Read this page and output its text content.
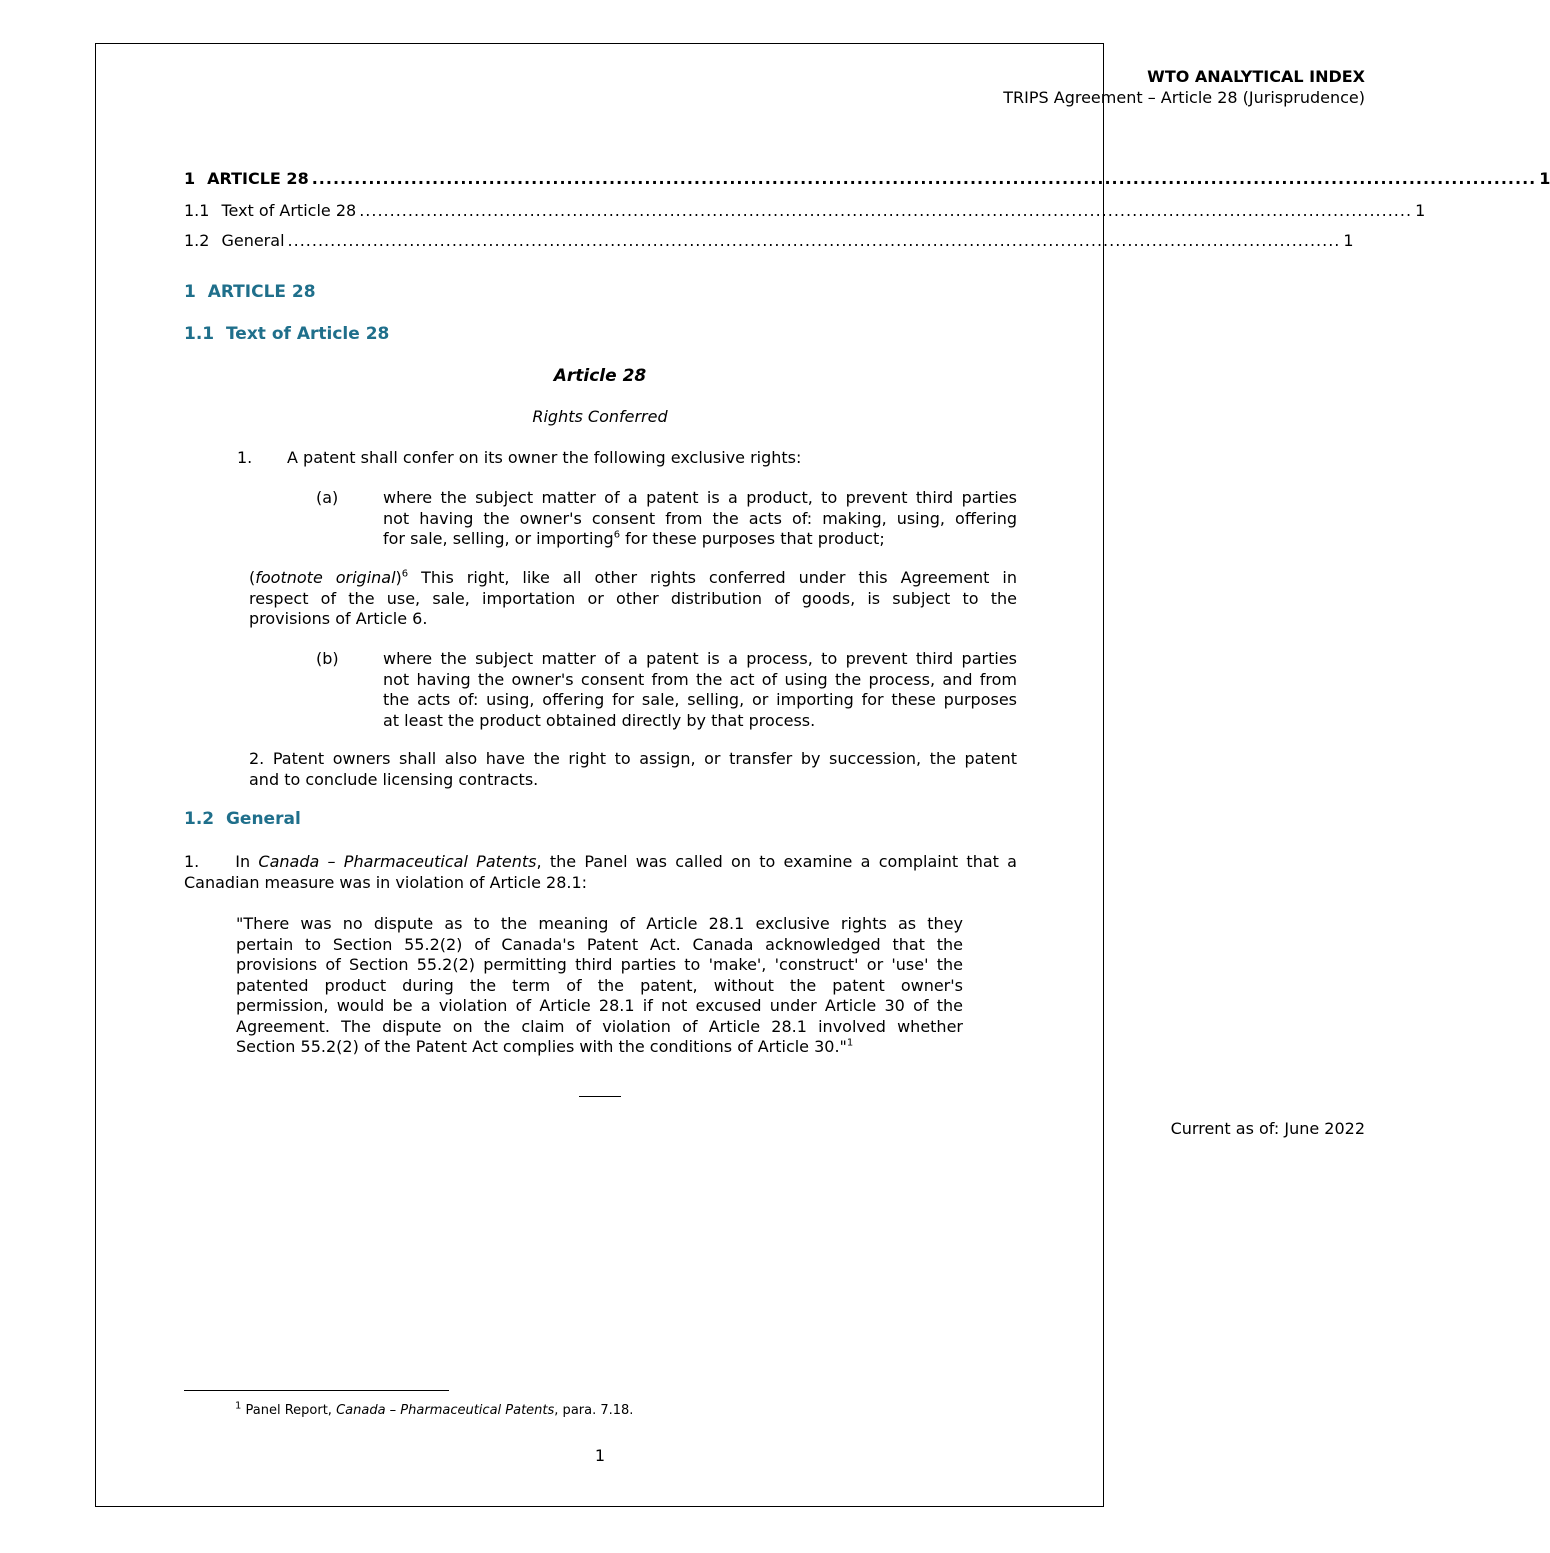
WTO ANALYTICAL INDEX
TRIPS Agreement – Article 28 (Jurisprudence)
1 ARTICLE 28 ............................................................................................................................................................................. 1
1.1 Text of Article 28 ............................................................................................................................................................................. 1
1.2 General ............................................................................................................................................................................. 1
1 ARTICLE 28
1.1 Text of Article 28
Article 28
Rights Conferred
1. A patent shall confer on its owner the following exclusive rights:
(a)	where the subject matter of a patent is a product, to prevent third parties
not having the owner's consent from the acts of: making, using, offering
for sale, selling, or importing$^6$ for these purposes that product;
(footnote original)$^6$ This right, like all other rights conferred under this Agreement in
respect of the use, sale, importation or other distribution of goods, is subject to the
provisions of Article 6.
(b)	where the subject matter of a patent is a process, to prevent third parties
not having the owner's consent from the act of using the process, and from
the acts of: using, offering for sale, selling, or importing for these purposes
at least the product obtained directly by that process.
2. Patent owners shall also have the right to assign, or transfer by succession, the patent
and to conclude licensing contracts.
1.2 General
1. In Canada – Pharmaceutical Patents, the Panel was called on to examine a complaint that a
Canadian measure was in violation of Article 28.1:
"There was no dispute as to the meaning of Article 28.1 exclusive rights as they
pertain to Section 55.2(2) of Canada's Patent Act. Canada acknowledged that the
provisions of Section 55.2(2) permitting third parties to 'make', 'construct' or 'use' the
patented product during the term of the patent, without the patent owner's
permission, would be a violation of Article 28.1 if not excused under Article 30 of the
Agreement. The dispute on the claim of violation of Article 28.1 involved whether
Section 55.2(2) of the Patent Act complies with the conditions of Article 30."$^1$
Current as of: June 2022
$^1$ Panel Report, Canada – Pharmaceutical Patents, para. 7.18.
1
